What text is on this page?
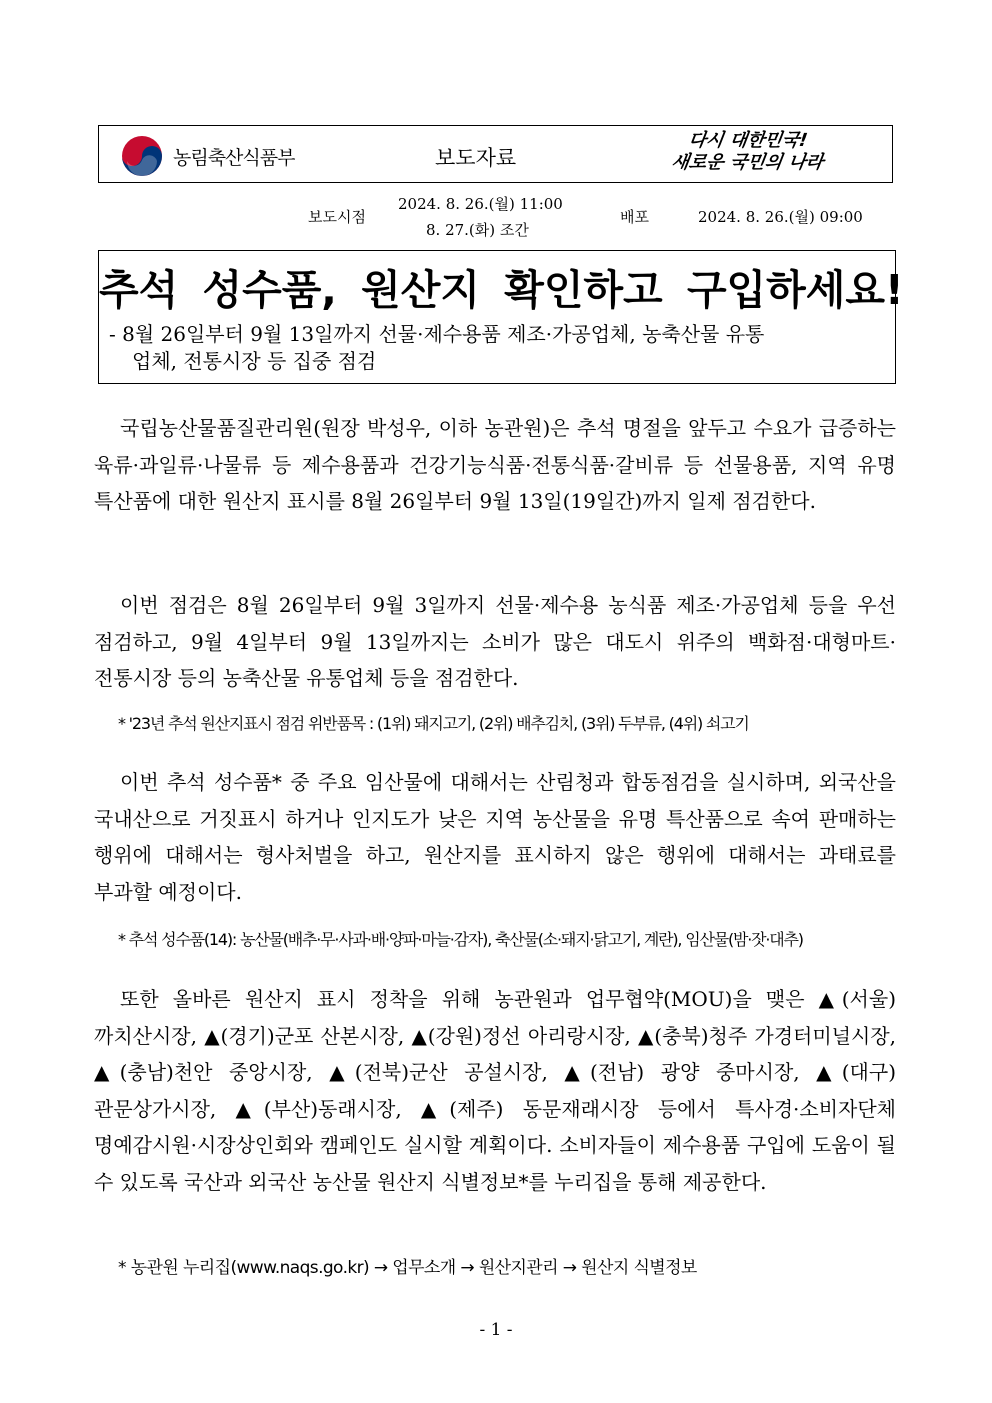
농림축산식품부	보도자료
다시 대한민국!
새로운 국민의 나라
보도시점
2024. 8. 26.(월) 11:00
8. 27.(화) 조간
배포	2024. 8. 26.(월) 09:00
추석 성수품, 원산지 확인하고 구입하세요!
- 8월 26일부터 9월 13일까지 선물·제수용품 제조·가공업체, 농축산물 유통
업체, 전통시장 등 집중 점검
국립농산물품질관리원(원장 박성우, 이하 농관원)은 추석 명절을 앞두고 수요가 급증하는 육류·과일류·나물류 등 제수용품과 건강기능식품·전통식품·갈비류 등 선물용품, 지역 유명 특산품에 대한 원산지 표시를 8월 26일부터 9월 13일(19일간)까지 일제 점검한다.
이번 점검은 8월 26일부터 9월 3일까지 선물·제수용 농식품 제조·가공업체 등을 우선 점검하고, 9월 4일부터 9월 13일까지는 소비가 많은 대도시 위주의 백화점·대형마트·전통시장 등의 농축산물 유통업체 등을 점검한다.
* '23년 추석 원산지표시 점검 위반품목 : (1위) 돼지고기, (2위) 배추김치, (3위) 두부류, (4위) 쇠고기
이번 추석 성수품* 중 주요 임산물에 대해서는 산림청과 합동점검을 실시하며, 외국산을 국내산으로 거짓표시 하거나 인지도가 낮은 지역 농산물을 유명 특산품으로 속여 판매하는 행위에 대해서는 형사처벌을 하고, 원산지를 표시하지 않은 행위에 대해서는 과태료를 부과할 예정이다.
* 추석 성수품(14): 농산물(배추·무·사과·배·양파·마늘·감자), 축산물(소·돼지·닭고기, 계란), 임산물(밤·잣·대추)
또한 올바른 원산지 표시 정착을 위해 농관원과 업무협약(MOU)을 맺은 ▲(서울)까치산시장, ▲(경기)군포 산본시장, ▲(강원)정선 아리랑시장, ▲(충북)청주 가경터미널시장, ▲(충남)천안 중앙시장, ▲(전북)군산 공설시장, ▲(전남) 광양 중마시장, ▲(대구)관문상가시장, ▲(부산)동래시장, ▲(제주) 동문재래시장 등에서 특사경·소비자단체 명예감시원·시장상인회와 캠페인도 실시할 계획이다. 소비자들이 제수용품 구입에 도움이 될 수 있도록 국산과 외국산 농산물 원산지 식별정보*를 누리집을 통해 제공한다.
* 농관원 누리집(www.naqs.go.kr) → 업무소개 → 원산지관리 → 원산지 식별정보
- 1 -
